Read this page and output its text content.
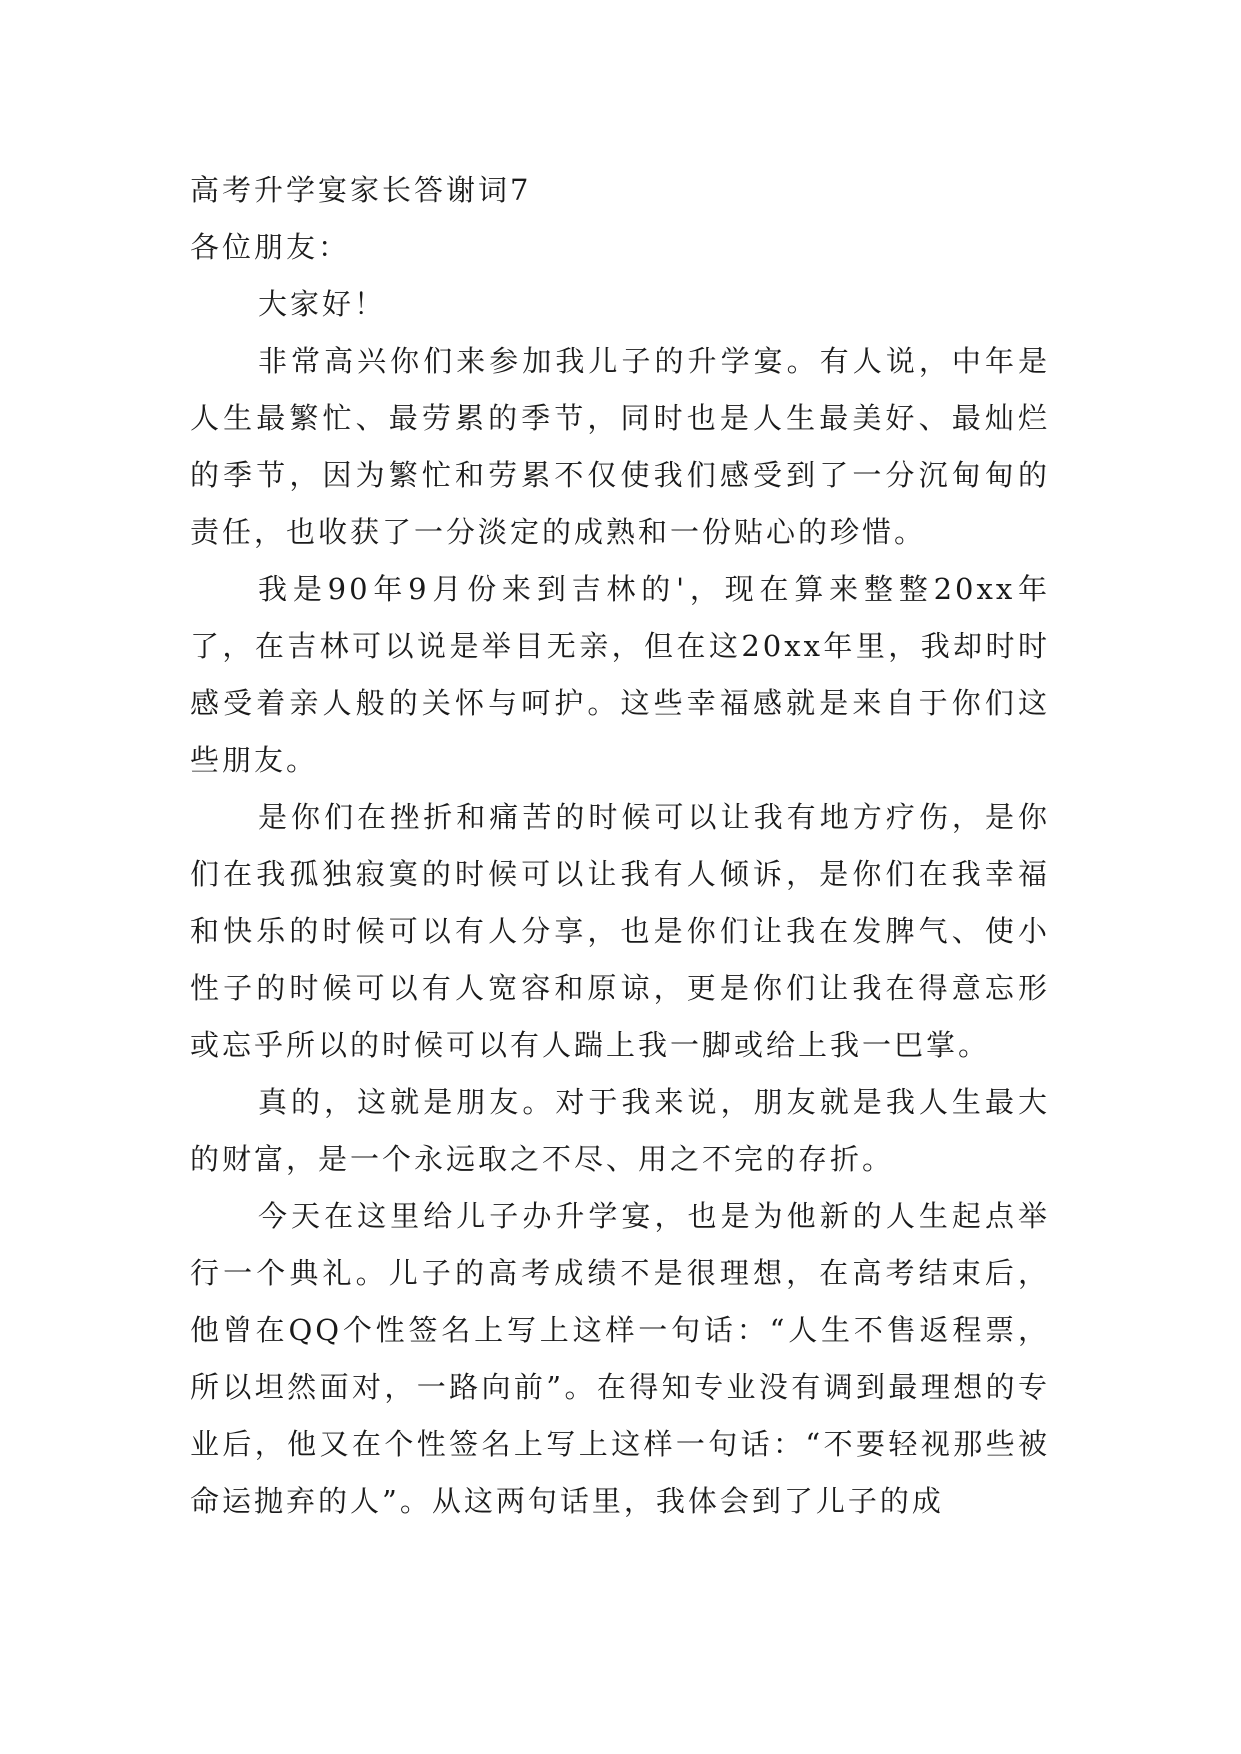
高考升学宴家长答谢词7

各位朋友：

大家好！

非常高兴你们来参加我儿子的升学宴。有人说，中年是人生最繁忙、最劳累的季节，同时也是人生最美好、最灿烂的季节，因为繁忙和劳累不仅使我们感受到了一分沉甸甸的责任，也收获了一分淡定的成熟和一份贴心的珍惜。

我是90年9月份来到吉林的'，现在算来整整20xx年了，在吉林可以说是举目无亲，但在这20xx年里，我却时时感受着亲人般的关怀与呵护。这些幸福感就是来自于你们这些朋友。

是你们在挫折和痛苦的时候可以让我有地方疗伤，是你们在我孤独寂寞的时候可以让我有人倾诉，是你们在我幸福和快乐的时候可以有人分享，也是你们让我在发脾气、使小性子的时候可以有人宽容和原谅，更是你们让我在得意忘形或忘乎所以的时候可以有人踹上我一脚或给上我一巴掌。

真的，这就是朋友。对于我来说，朋友就是我人生最大的财富，是一个永远取之不尽、用之不完的存折。

今天在这里给儿子办升学宴，也是为他新的人生起点举行一个典礼。儿子的高考成绩不是很理想，在高考结束后，他曾在QQ个性签名上写上这样一句话：“人生不售返程票，所以坦然面对，一路向前”。在得知专业没有调到最理想的专业后，他又在个性签名上写上这样一句话：“不要轻视那些被命运抛弃的人”。从这两句话里，我体会到了儿子的成
